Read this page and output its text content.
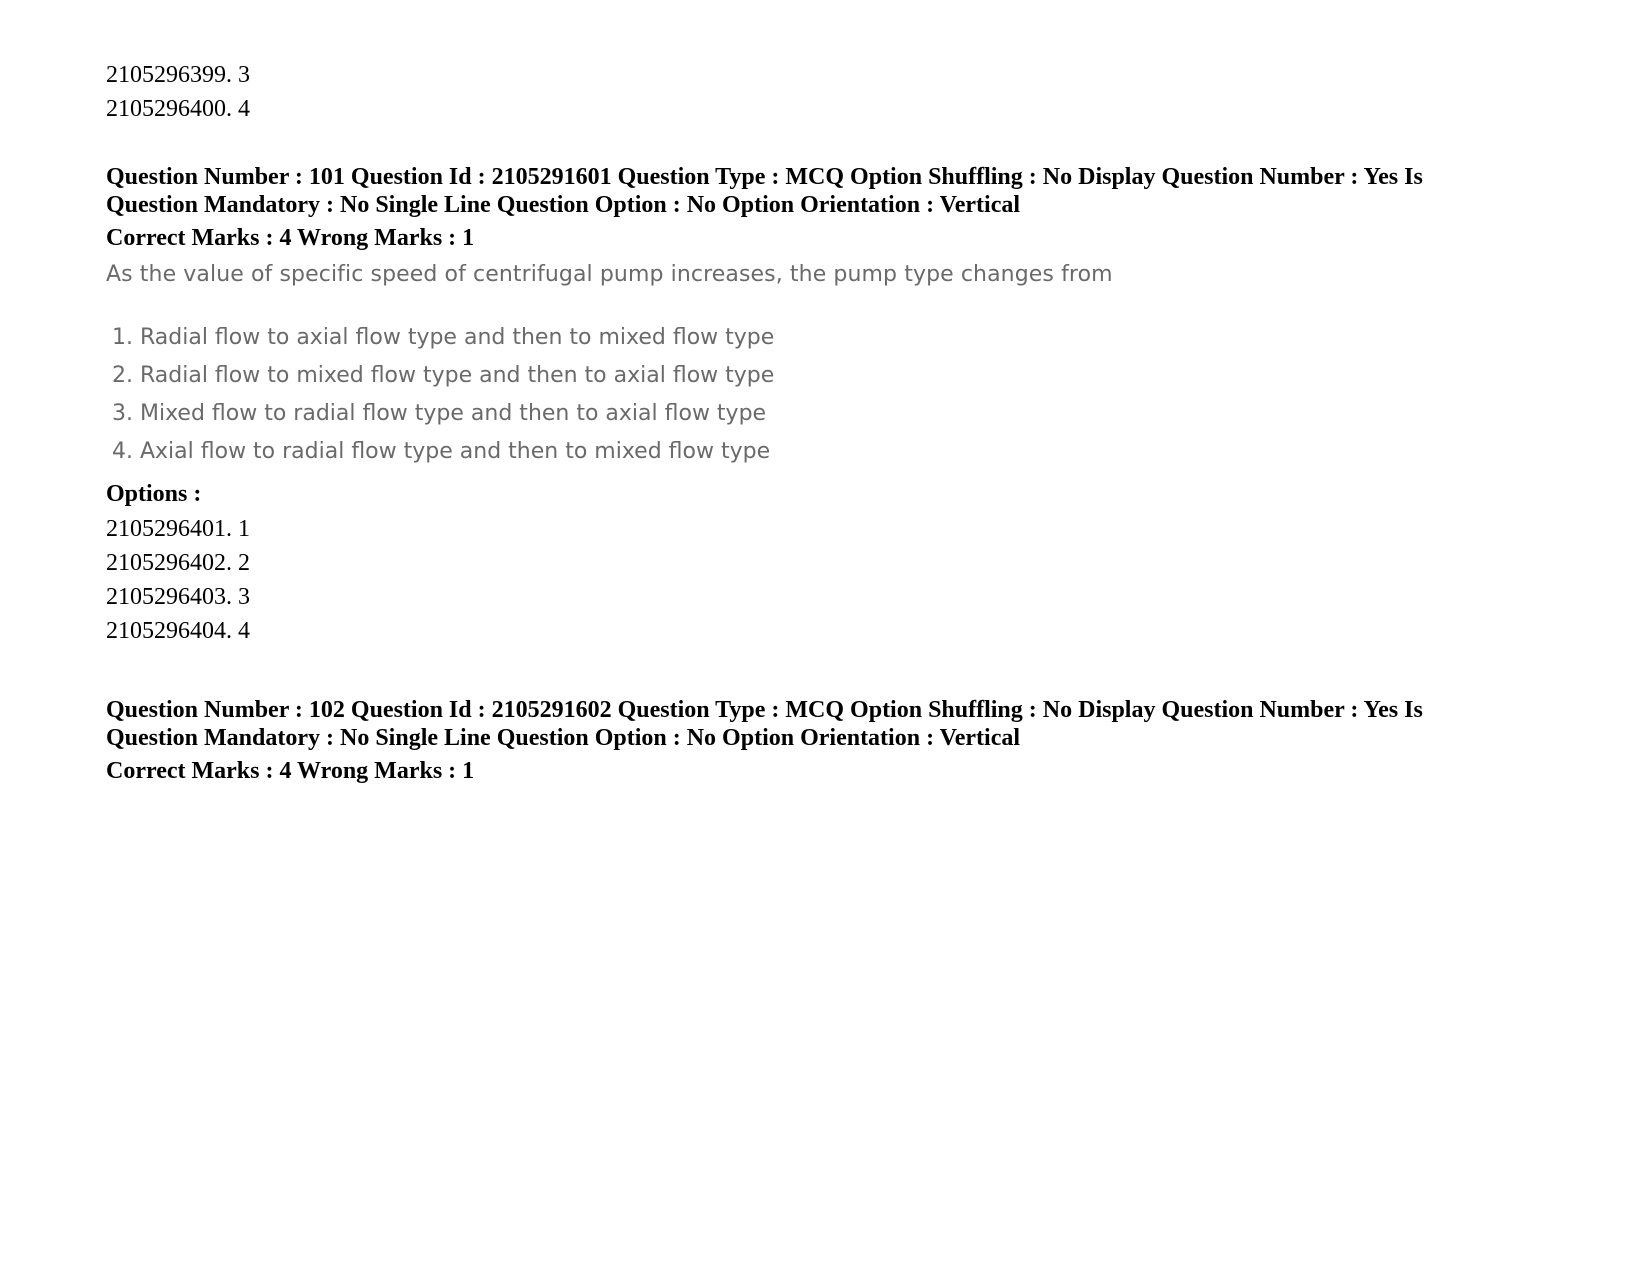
2105296399. 3
2105296400. 4
Question Number : 101 Question Id : 2105291601 Question Type : MCQ Option Shuffling : No Display Question Number : Yes Is
Question Mandatory : No Single Line Question Option : No Option Orientation : Vertical
Correct Marks : 4 Wrong Marks : 1
As the value of specific speed of centrifugal pump increases, the pump type changes from
1. Radial flow to axial flow type and then to mixed flow type
2. Radial flow to mixed flow type and then to axial flow type
3. Mixed flow to radial flow type and then to axial flow type
4. Axial flow to radial flow type and then to mixed flow type
Options :
2105296401. 1
2105296402. 2
2105296403. 3
2105296404. 4
Question Number : 102 Question Id : 2105291602 Question Type : MCQ Option Shuffling : No Display Question Number : Yes Is
Question Mandatory : No Single Line Question Option : No Option Orientation : Vertical
Correct Marks : 4 Wrong Marks : 1
